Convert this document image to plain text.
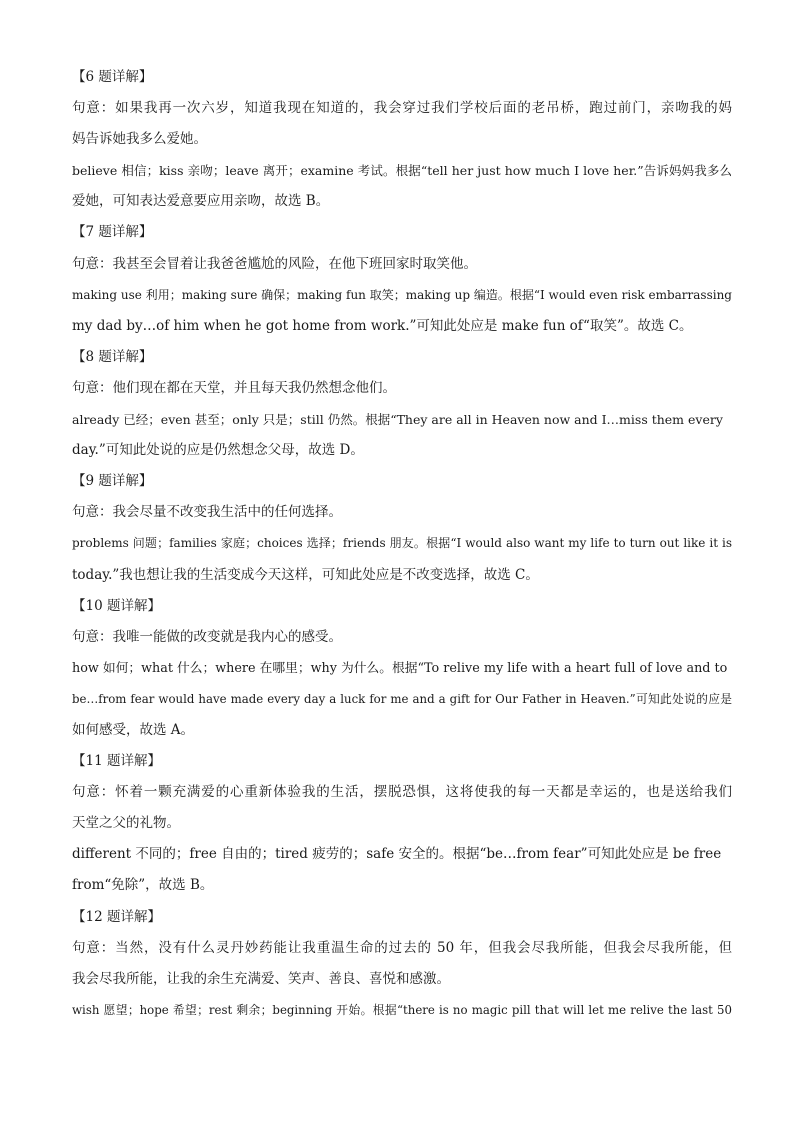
【6 题详解】
句意：如果我再一次六岁，知道我现在知道的，我会穿过我们学校后面的老吊桥，跑过前门，亲吻我的妈
妈告诉她我多么爱她。
believe 相信；kiss 亲吻；leave 离开；examine 考试。根据“tell her just how much I love her.”告诉妈妈我多么
爱她，可知表达爱意要应用亲吻，故选 B。
【7 题详解】
句意：我甚至会冒着让我爸爸尴尬的风险，在他下班回家时取笑他。
making use 利用；making sure 确保；making fun 取笑；making up 编造。根据“I would even risk embarrassing
my dad by…of him when he got home from work.”可知此处应是 make fun of“取笑”。故选 C。
【8 题详解】
句意：他们现在都在天堂，并且每天我仍然想念他们。
already 已经；even 甚至；only 只是；still 仍然。根据“They are all in Heaven now and I…miss them every
day.”可知此处说的应是仍然想念父母，故选 D。
【9 题详解】
句意：我会尽量不改变我生活中的任何选择。
problems 问题；families 家庭；choices 选择；friends 朋友。根据“I would also want my life to turn out like it is
today.”我也想让我的生活变成今天这样，可知此处应是不改变选择，故选 C。
【10 题详解】
句意：我唯一能做的改变就是我内心的感受。
how 如何；what 什么；where 在哪里；why 为什么。根据“To relive my life with a heart full of love and to
be…from fear would have made every day a luck for me and a gift for Our Father in Heaven.”可知此处说的应是
如何感受，故选 A。
【11 题详解】
句意：怀着一颗充满爱的心重新体验我的生活，摆脱恐惧，这将使我的每一天都是幸运的，也是送给我们
天堂之父的礼物。
different 不同的；free 自由的；tired 疲劳的；safe 安全的。根据“be…from fear”可知此处应是 be free
from“免除”，故选 B。
【12 题详解】
句意：当然，没有什么灵丹妙药能让我重温生命的过去的 50 年，但我会尽我所能，但我会尽我所能，但
我会尽我所能，让我的余生充满爱、笑声、善良、喜悦和感激。
wish 愿望；hope 希望；rest 剩余；beginning 开始。根据“there is no magic pill that will let me relive the last 50
